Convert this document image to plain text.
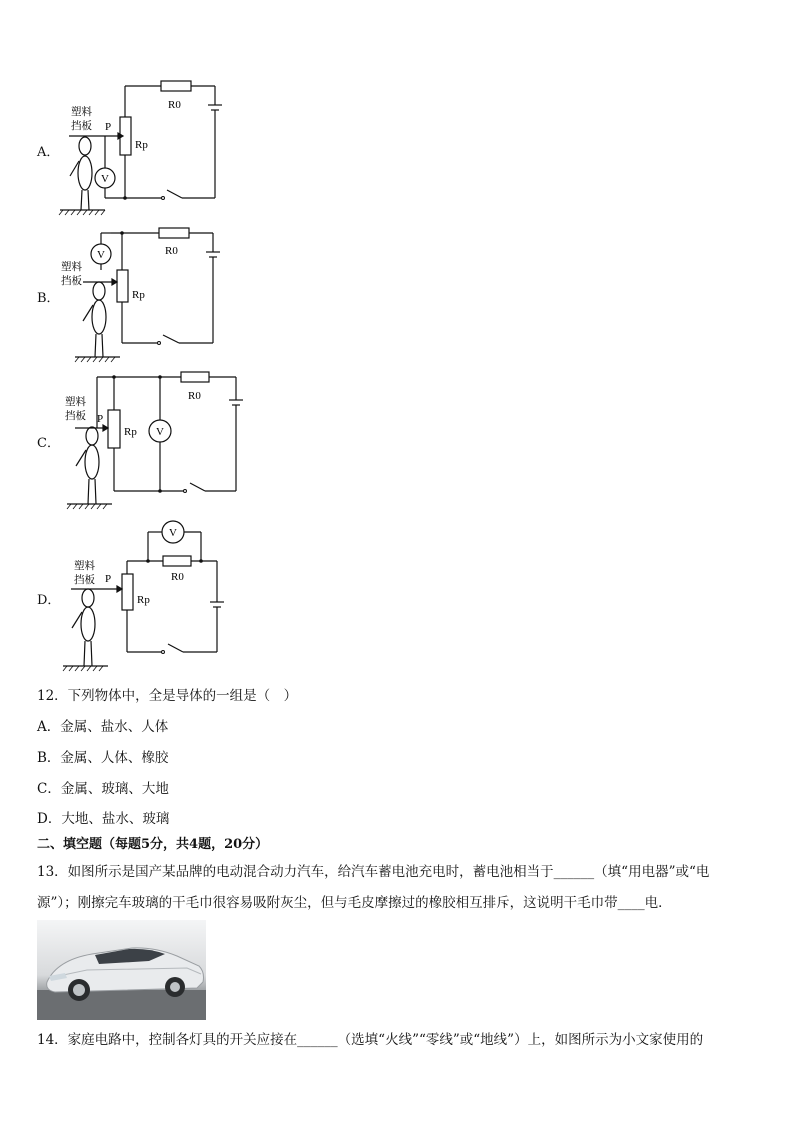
A．
塑料
挡板 P
Rp
R0
V
B．
塑料
挡板
Rp
R0
V
C．
塑料
挡板 P
Rp
R0
V
D．
塑料
挡板 P
Rp
R0
V
12．下列物体中，全是导体的一组是（　）
A．金属、盐水、人体
B．金属、人体、橡胶
C．金属、玻璃、大地
D．大地、盐水、玻璃
二、填空题（每题5分，共4题，20分）
13．如图所示是国产某品牌的电动混合动力汽车，给汽车蓄电池充电时，蓄电池相当于______（填“用电器”或“电
源”）；刚擦完车玻璃的干毛巾很容易吸附灰尘，但与毛皮摩擦过的橡胶相互排斥，这说明干毛巾带____电．
14．家庭电路中，控制各灯具的开关应接在______（选填“火线”“零线”或“地线”）上，如图所示为小文家使用的
